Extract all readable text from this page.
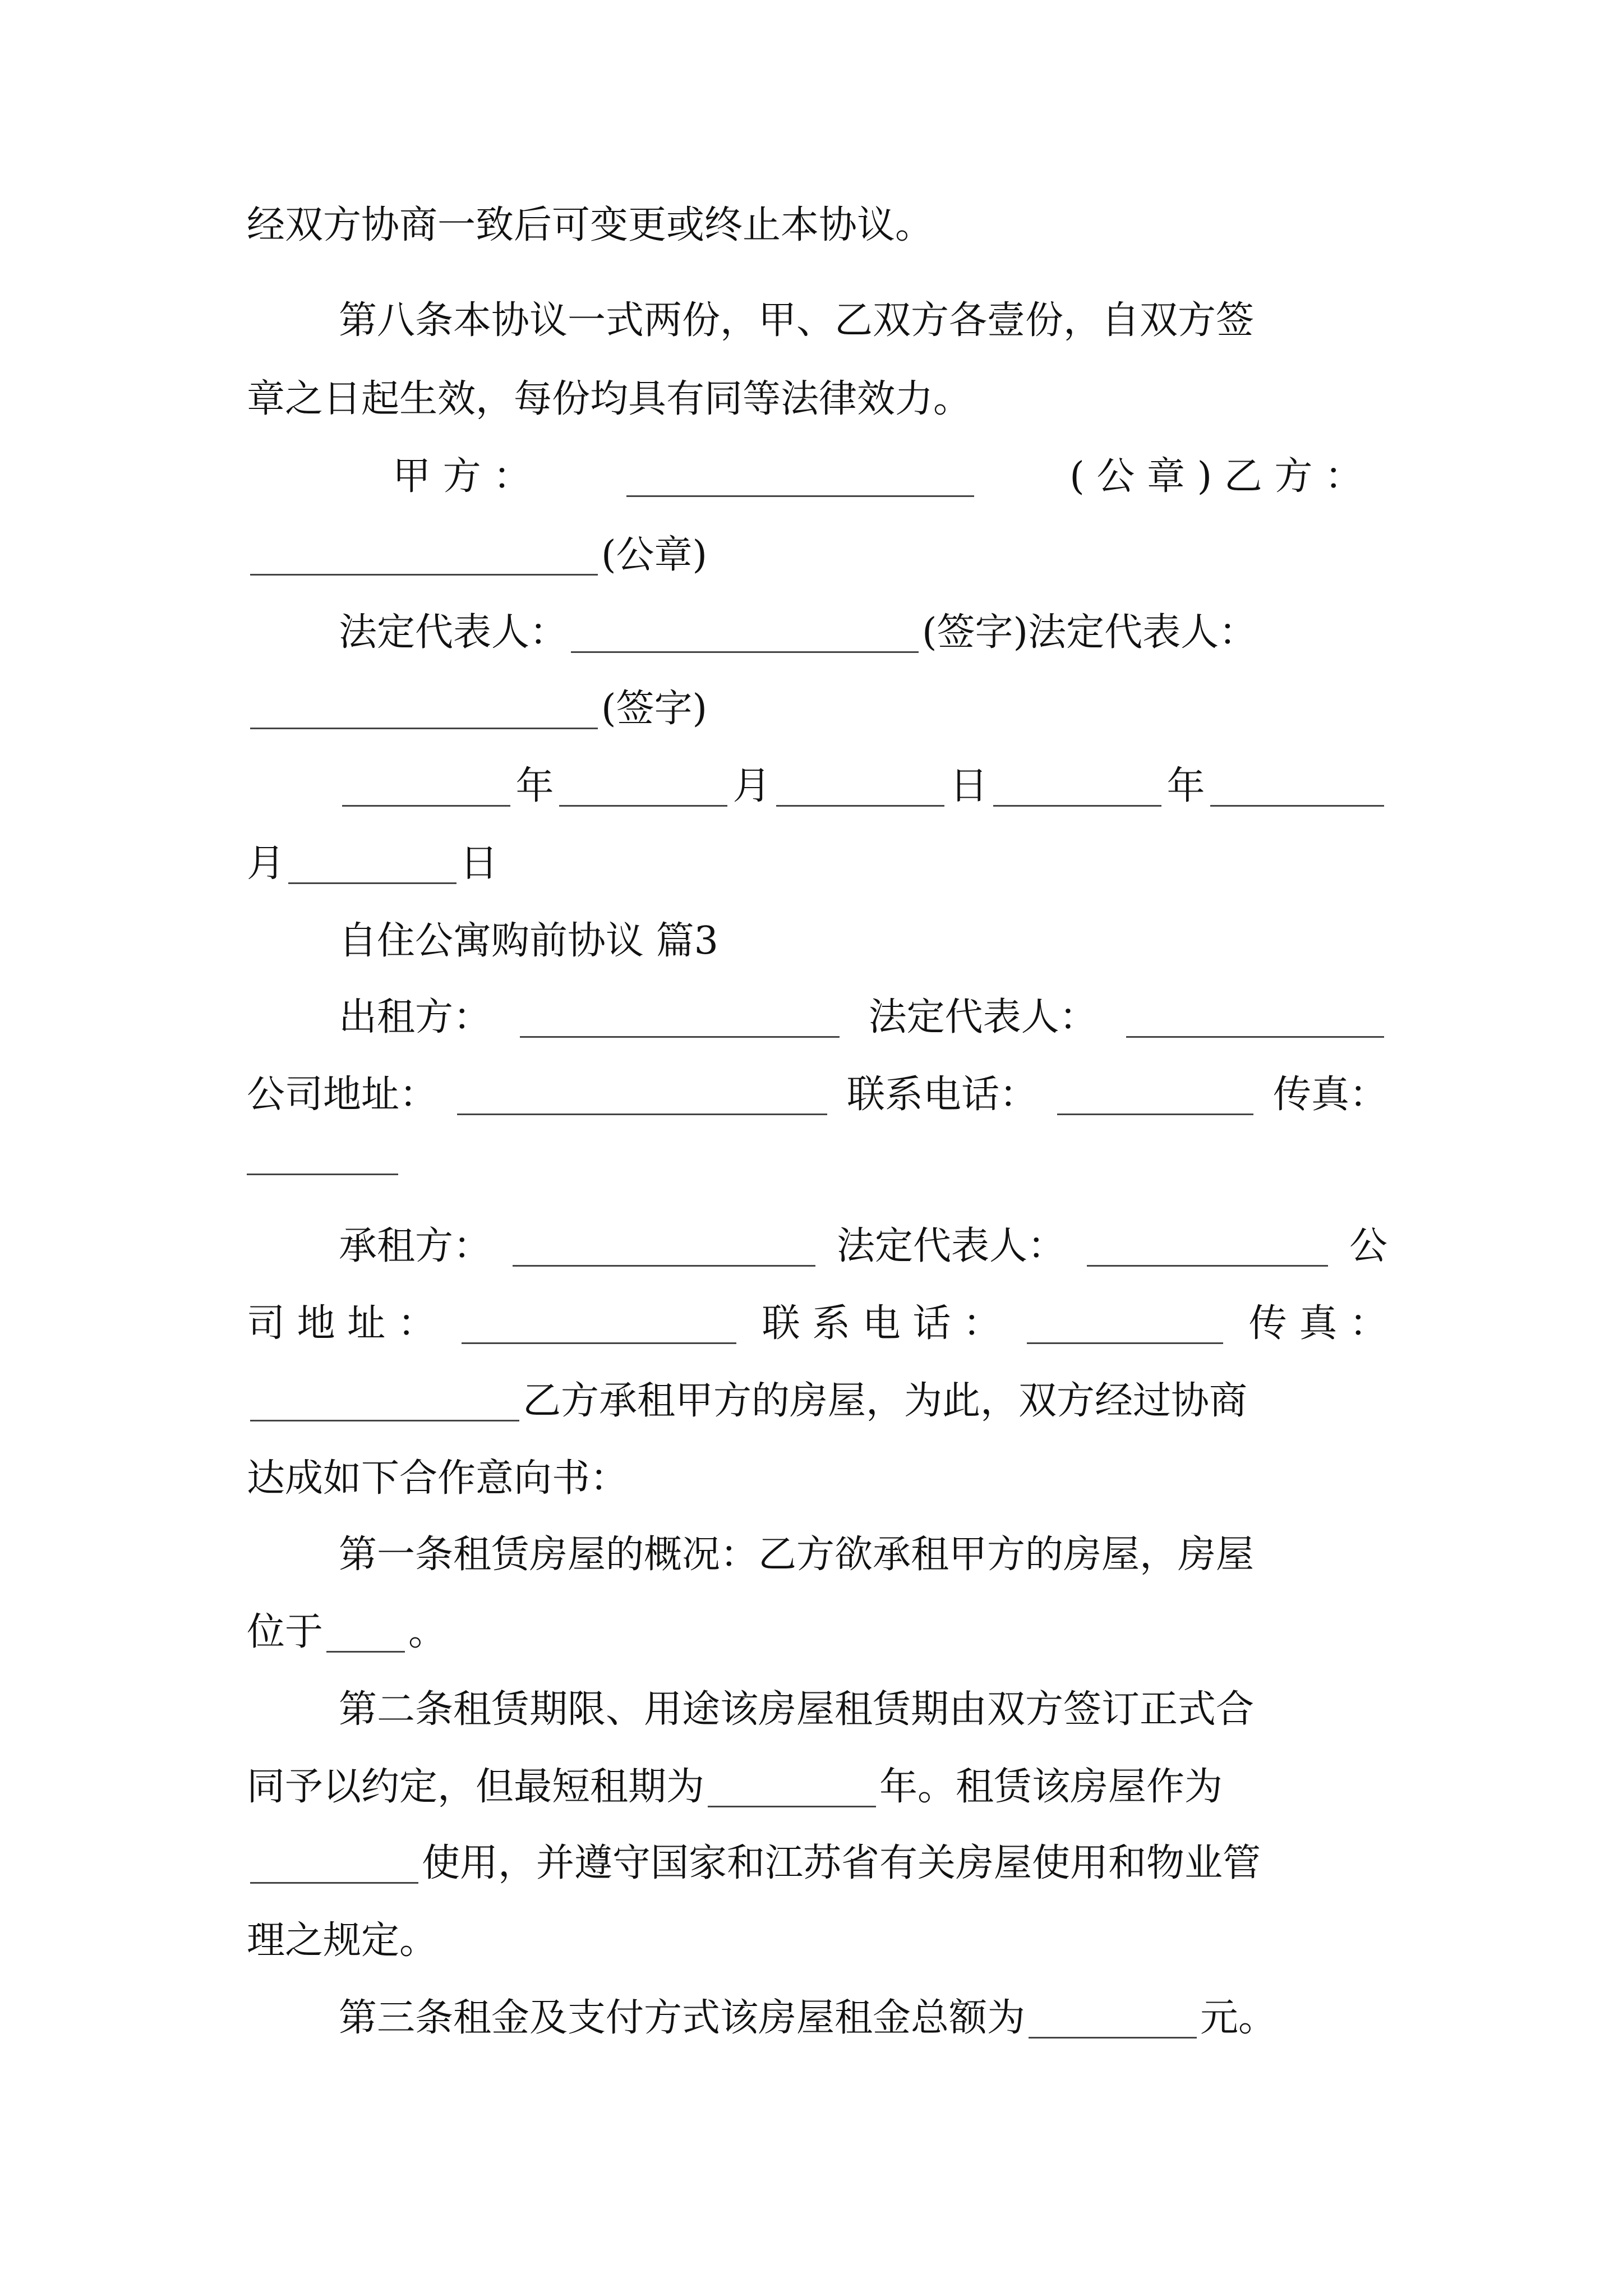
经双方协商一致后可变更或终止本协议。
第八条本协议一式两份，甲、乙双方各壹份，自双方签
章之日起生效，每份均具有同等法律效力。
甲 方 ：	( 公 章 ) 乙 方 ：
(公章)
法定代表人：	(签字)法定代表人：
(签字)
年	月	日	年
月	日
自住公寓购前协议 篇3
出租方：	法定代表人：
公司地址：	联系电话：	传真：
承租方：	法定代表人：	公
司 地 址 ：	联 系 电 话 ：	传 真 ：
乙方承租甲方的房屋，为此，双方经过协商
达成如下合作意向书：
第一条租赁房屋的概况：乙方欲承租甲方的房屋，房屋
位于 。
第二条租赁期限、用途该房屋租赁期由双方签订正式合
同予以约定，但最短租期为	年。租赁该房屋作为
使用，并遵守国家和江苏省有关房屋使用和物业管
理之规定。
第三条租金及支付方式该房屋租金总额为	元。
